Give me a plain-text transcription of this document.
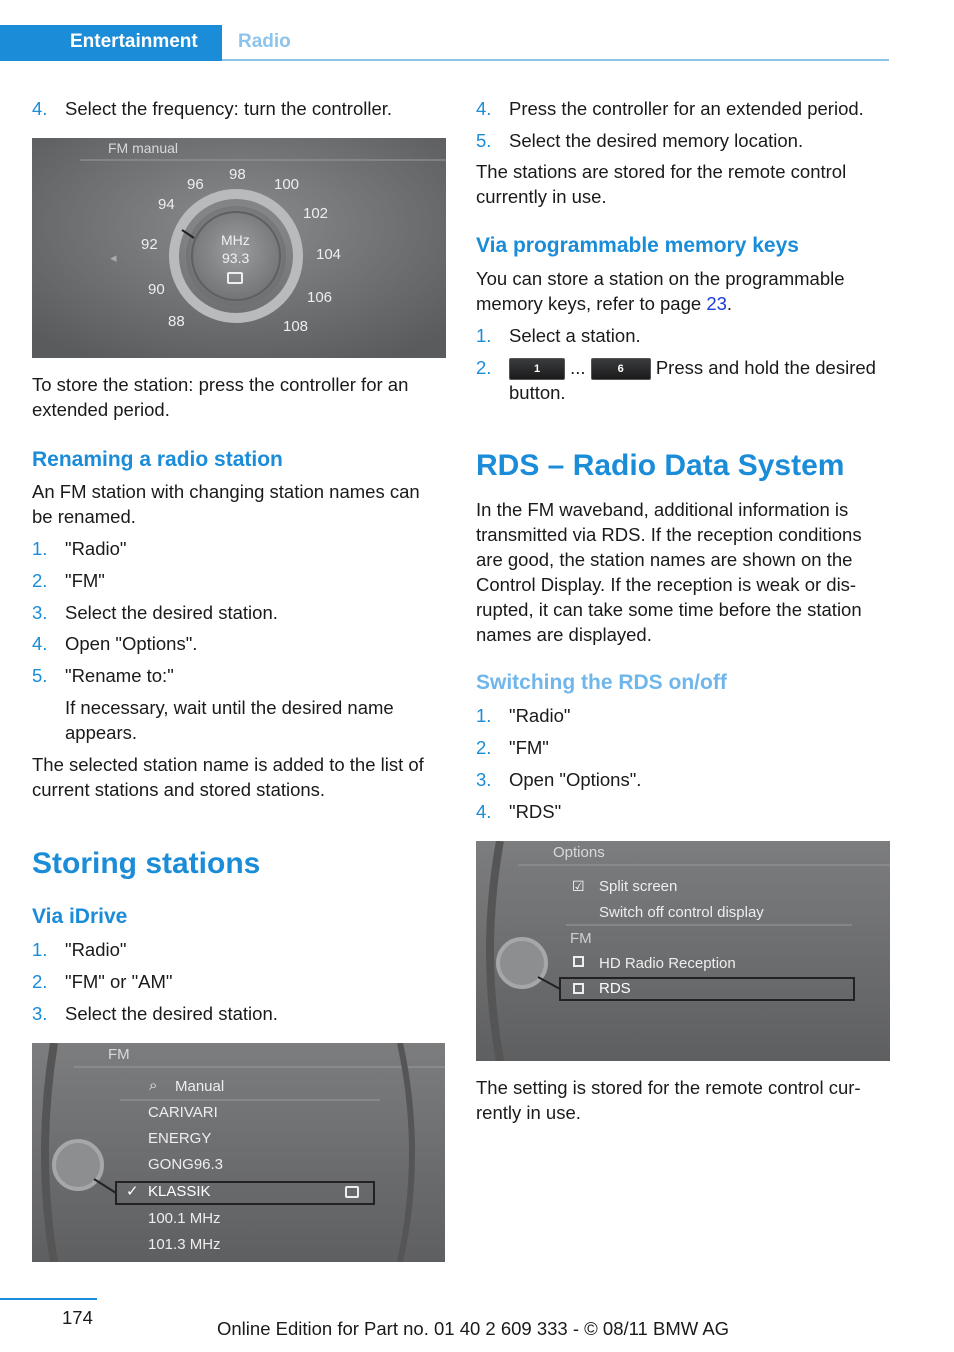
Entertainment Radio
4. Select the frequency: turn the controller.
◂
FM manual
MHz
93.3
96
98
100
94
102
92
104
90	106
88	108
To store the station: press the controller for an
extended period.
Renaming a radio station
An FM station with changing station names can
be renamed.
1. "Radio"
2. "FM"
3. Select the desired station.
4. Open "Options".
5. "Rename to:"
If necessary, wait until the desired name
appears.
The selected station name is added to the list of
current stations and stored stations.
Storing stations
Via iDrive
1. "Radio"
2. "FM" or "AM"
3. Select the desired station.
FM
⌕ Manual
CARIVARI
ENERGY
GONG96.3
✓ KLASSIK
100.1 MHz
101.3 MHz
4. Press the controller for an extended period.
5. Select the desired memory location.
The stations are stored for the remote control
currently in use.
Via programmable memory keys
You can store a station on the programmable
memory keys, refer to page 23.
1. Select a station.
2.	1 ...	6 Press and hold the desired
button.
RDS – Radio Data System
In the FM waveband, additional information is
transmitted via RDS. If the reception conditions
are good, the station names are shown on the
Control Display. If the reception is weak or dis-
rupted, it can take some time before the station
names are displayed.
Switching the RDS on/off
1. "Radio"
2. "FM"
3. Open "Options".
4. "RDS"
Options
☑ Split screen
Switch off control display
FM
HD Radio Reception
RDS
The setting is stored for the remote control cur-
rently in use.
174
Online Edition for Part no. 01 40 2 609 333 - © 08/11 BMW AG
